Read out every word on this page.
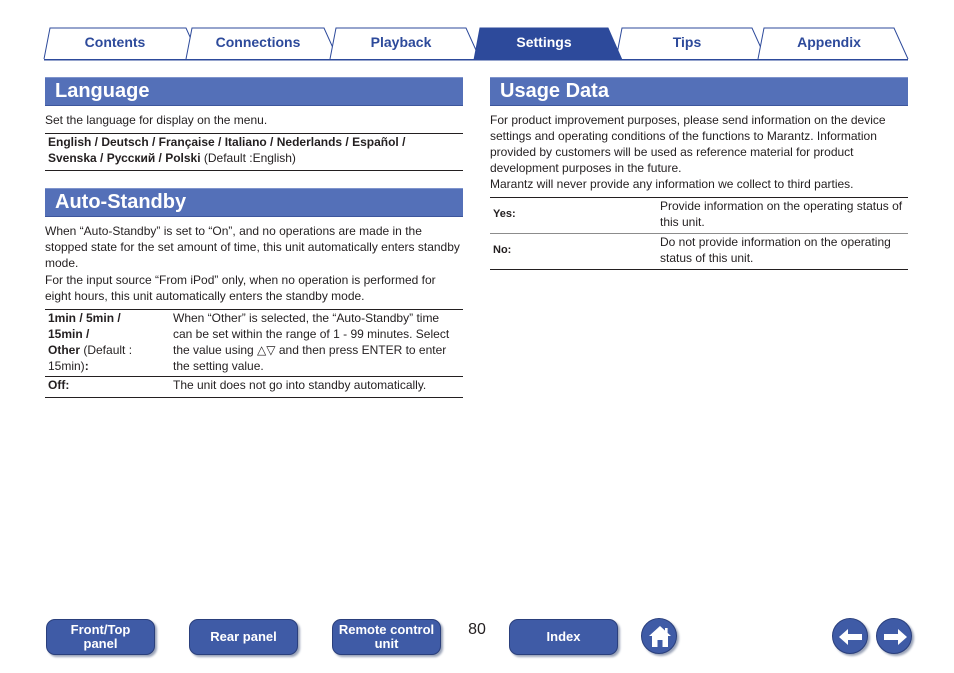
Contents	Connections	Playback	Settings	Tips	Appendix
Language
Set the language for display on the menu.
English / Deutsch / Française / Italiano / Nederlands / Español /
Svenska / Русский / Polski (Default :English)
Auto-Standby
When “Auto-Standby” is set to “On”, and no operations are made in the stopped state for the set amount of time, this unit automatically enters standby mode.
For the input source “From iPod” only, when no operation is performed for eight hours, this unit automatically enters the standby mode.
1min / 5min /
15min /
Other (Default :
15min):
When “Other” is selected, the “Auto-Standby” time can be set within the range of 1 - 99 minutes. Select the value using △▽ and then press ENTER to enter the setting value.
Off:	The unit does not go into standby automatically.
Usage Data
For product improvement purposes, please send information on the device settings and operating conditions of the functions to Marantz. Information provided by customers will be used as reference material for product development purposes in the future.
Marantz will never provide any information we collect to third parties.
Yes:
Provide information on the operating status of this unit.
No:
Do not provide information on the operating status of this unit.
Front/Top
panel	Rear panel	Remote control
unit
80	Index
